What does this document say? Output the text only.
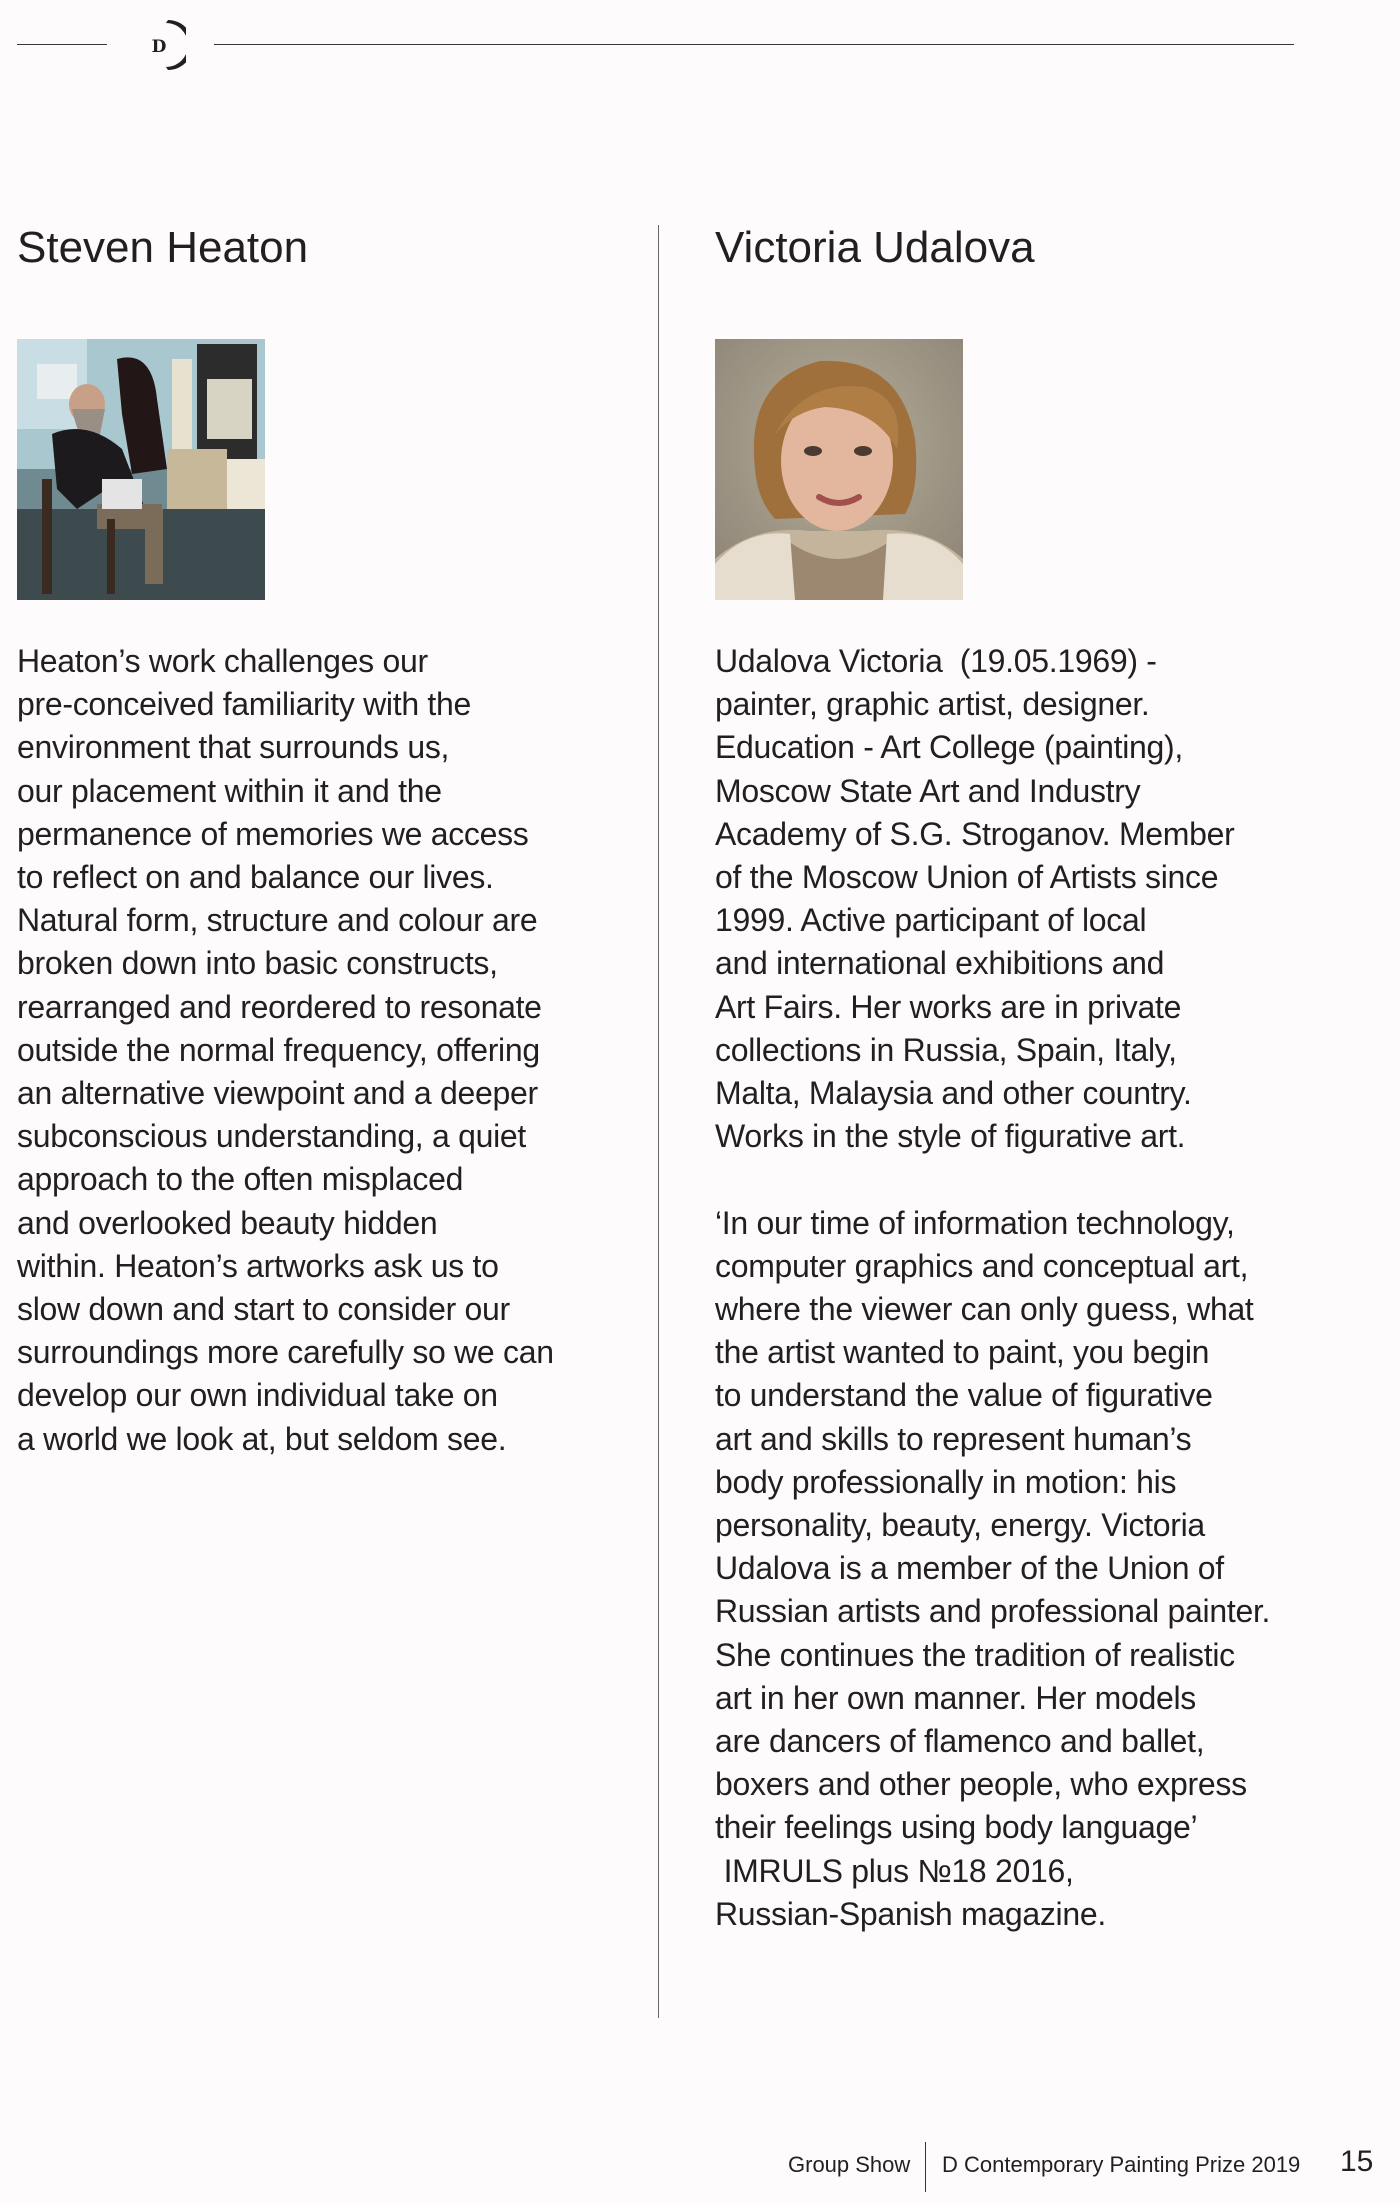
D
Steven Heaton

Heaton’s work challenges our
pre-conceived familiarity with the
environment that surrounds us,
our placement within it and the
permanence of memories we access
to reflect on and balance our lives.
Natural form, structure and colour are
broken down into basic constructs,
rearranged and reordered to resonate
outside the normal frequency, offering
an alternative viewpoint and a deeper
subconscious understanding, a quiet
approach to the often misplaced
and overlooked beauty hidden
within. Heaton’s artworks ask us to
slow down and start to consider our
surroundings more carefully so we can
develop our own individual take on
a world we look at, but seldom see.

Victoria Udalova

Udalova Victoria  (19.05.1969) -
painter, graphic artist, designer.
Education - Art College (painting),
Moscow State Art and Industry
Academy of S.G. Stroganov. Member
of the Moscow Union of Artists since
1999. Active participant of local
and international exhibitions and
Art Fairs. Her works are in private
collections in Russia, Spain, Italy,
Malta, Malaysia and other country.
Works in the style of figurative art.

‘In our time of information technology,
computer graphics and conceptual art,
where the viewer can only guess, what
the artist wanted to paint, you begin
to understand the value of figurative
art and skills to represent human’s
body professionally in motion: his
personality, beauty, energy. Victoria
Udalova is a member of the Union of
Russian artists and professional painter.
She continues the tradition of realistic
art in her own manner. Her models
are dancers of flamenco and ballet,
boxers and other people, who express
their feelings using body language’
IMRULS plus №18 2016,
Russian-Spanish magazine.

Group Show D Contemporary Painting Prize 2019 15
